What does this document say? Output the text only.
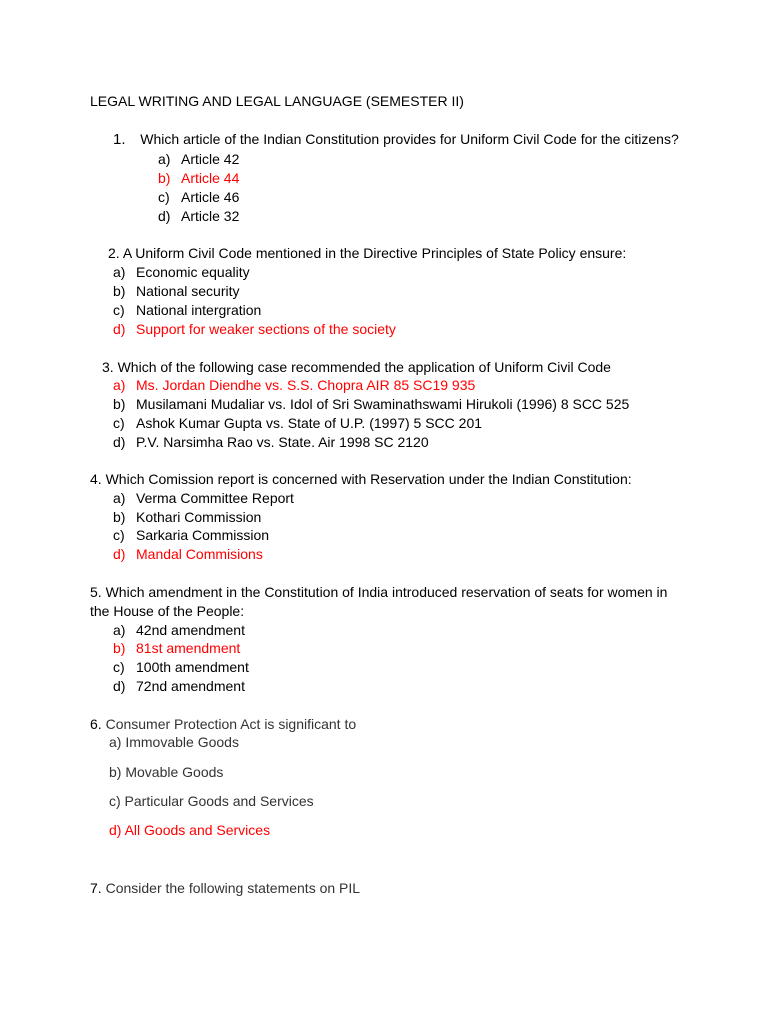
LEGAL WRITING AND LEGAL LANGUAGE (SEMESTER II)
1. Which article of the Indian Constitution provides for Uniform Civil Code for the citizens?
a) Article 42
b) Article 44
c) Article 46
d) Article 32
2. A Uniform Civil Code mentioned in the Directive Principles of State Policy ensure:
a) Economic equality
b) National security
c) National intergration
d) Support for weaker sections of the society
3. Which of the following case recommended the application of Uniform Civil Code
a) Ms. Jordan Diendhe vs. S.S. Chopra AIR 85 SC19 935
b) Musilamani Mudaliar vs. Idol of Sri Swaminathswami Hirukoli (1996) 8 SCC 525
c) Ashok Kumar Gupta vs. State of U.P. (1997) 5 SCC 201
d) P.V. Narsimha Rao vs. State. Air 1998 SC 2120
4. Which Comission report is concerned with Reservation under the Indian Constitution:
a) Verma Committee Report
b) Kothari Commission
c) Sarkaria Commission
d) Mandal Commisions
5. Which amendment in the Constitution of India introduced reservation of seats for women in the House of the People:
a) 42nd amendment
b) 81st amendment
c) 100th amendment
d) 72nd amendment
6. Consumer Protection Act is significant to
a) Immovable Goods
b) Movable Goods
c) Particular Goods and Services
d) All Goods and Services
7. Consider the following statements on PIL
